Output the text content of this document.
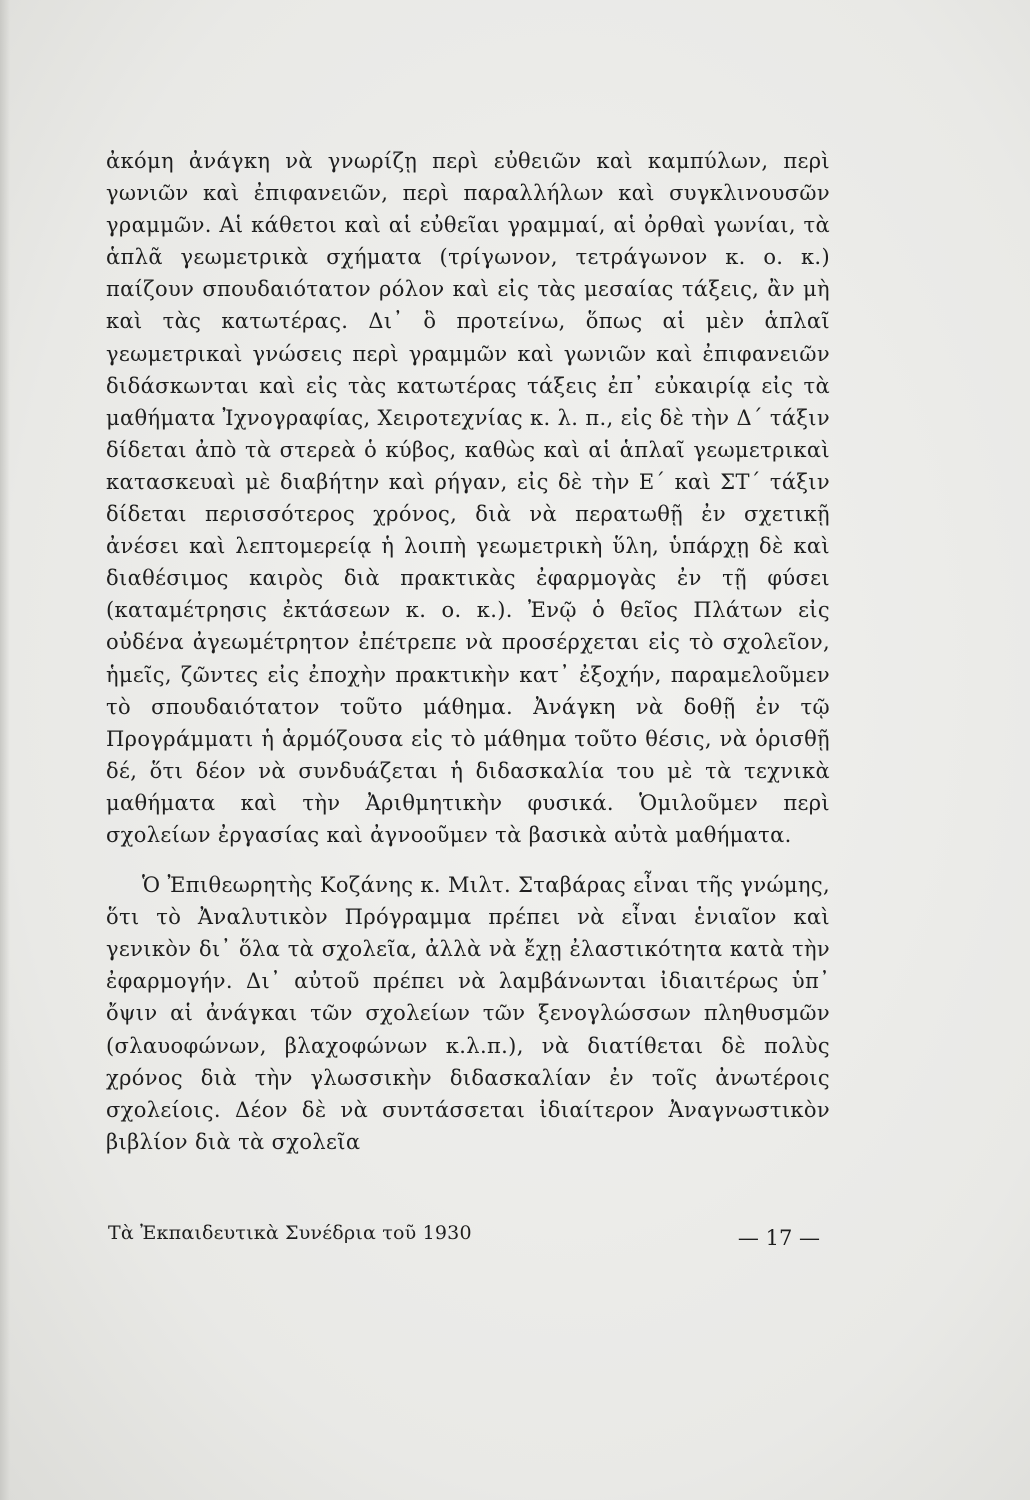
ἀκόμη ἀνάγκη νὰ γνωρίζῃ περὶ εὐθειῶν καὶ καμπύλων, περὶ γωνιῶν καὶ ἐπιφανειῶν, περὶ παραλλήλων καὶ συγκλινουσῶν γραμμῶν. Αἱ κάθετοι καὶ αἱ εὐθεῖαι γραμμαί, αἱ ὀρθαὶ γωνίαι, τὰ ἁπλᾶ γεωμετρικὰ σχήματα (τρίγωνον, τετράγωνον κ. ο. κ.) παίζουν σπουδαιότατον ρόλον καὶ εἰς τὰς μεσαίας τάξεις, ἂν μὴ καὶ τὰς κατωτέρας. Δι᾽ ὃ προτείνω, ὅπως αἱ μὲν ἁπλαῖ γεωμετρικαὶ γνώσεις περὶ γραμμῶν καὶ γωνιῶν καὶ ἐπιφανειῶν διδάσκωνται καὶ εἰς τὰς κατωτέρας τάξεις ἐπ᾽ εὐκαιρίᾳ εἰς τὰ μαθήματα Ἰχνογραφίας, Χειροτεχνίας κ. λ. π., εἰς δὲ τὴν Δ΄ τάξιν δίδεται ἀπὸ τὰ στερεὰ ὁ κύβος, καθὼς καὶ αἱ ἁπλαῖ γεωμετρικαὶ κατασκευαὶ μὲ διαβήτην καὶ ρήγαν, εἰς δὲ τὴν Ε΄ καὶ ΣΤ΄ τάξιν δίδεται περισσότερος χρόνος, διὰ νὰ περατωθῇ ἐν σχετικῇ ἀνέσει καὶ λεπτομερείᾳ ἡ λοιπὴ γεωμετρικὴ ὕλη, ὑπάρχῃ δὲ καὶ διαθέσιμος καιρὸς διὰ πρακτικὰς ἐφαρμογὰς ἐν τῇ φύσει (καταμέτρησις ἐκτάσεων κ. ο. κ.). Ἐνῷ ὁ θεῖος Πλάτων εἰς οὐδένα ἀγεωμέτρητον ἐπέτρεπε νὰ προσέρχεται εἰς τὸ σχολεῖον, ἡμεῖς, ζῶντες εἰς ἐποχὴν πρακτικὴν κατ᾽ ἐξοχήν, παραμελοῦμεν τὸ σπουδαιότατον τοῦτο μάθημα. Ἀνάγκη νὰ δοθῇ ἐν τῷ Προγράμματι ἡ ἁρμόζουσα εἰς τὸ μάθημα τοῦτο θέσις, νὰ ὁρισθῇ δέ, ὅτι δέον νὰ συνδυάζεται ἡ διδασκαλία του μὲ τὰ τεχνικὰ μαθήματα καὶ τὴν Ἀριθμητικὴν φυσικά. Ὁμιλοῦμεν περὶ σχολείων ἐργασίας καὶ ἀγνοοῦμεν τὰ βασικὰ αὐτὰ μαθήματα.

Ὁ Ἐπιθεωρητὴς Κοζάνης κ. Μιλτ. Σταβάρας εἶναι τῆς γνώμης, ὅτι τὸ Ἀναλυτικὸν Πρόγραμμα πρέπει νὰ εἶναι ἑνιαῖον καὶ γενικὸν δι᾽ ὅλα τὰ σχολεῖα, ἀλλὰ νὰ ἔχῃ ἐλαστικότητα κατὰ τὴν ἐφαρμογήν. Δι᾽ αὐτοῦ πρέπει νὰ λαμβάνωνται ἰδιαιτέρως ὑπ᾽ ὄψιν αἱ ἀνάγκαι τῶν σχολείων τῶν ξενογλώσσων πληθυσμῶν (σλαυοφώνων, βλαχοφώνων κ.λ.π.), νὰ διατίθεται δὲ πολὺς χρόνος διὰ τὴν γλωσσικὴν διδασκαλίαν ἐν τοῖς ἀνωτέροις σχολείοις. Δέον δὲ νὰ συντάσσεται ἰδιαίτερον Ἀναγνωστικὸν βιβλίον διὰ τὰ σχολεῖα

Τὰ Ἐκπαιδευτικὰ Συνέδρια τοῦ 1930	— 17 —
